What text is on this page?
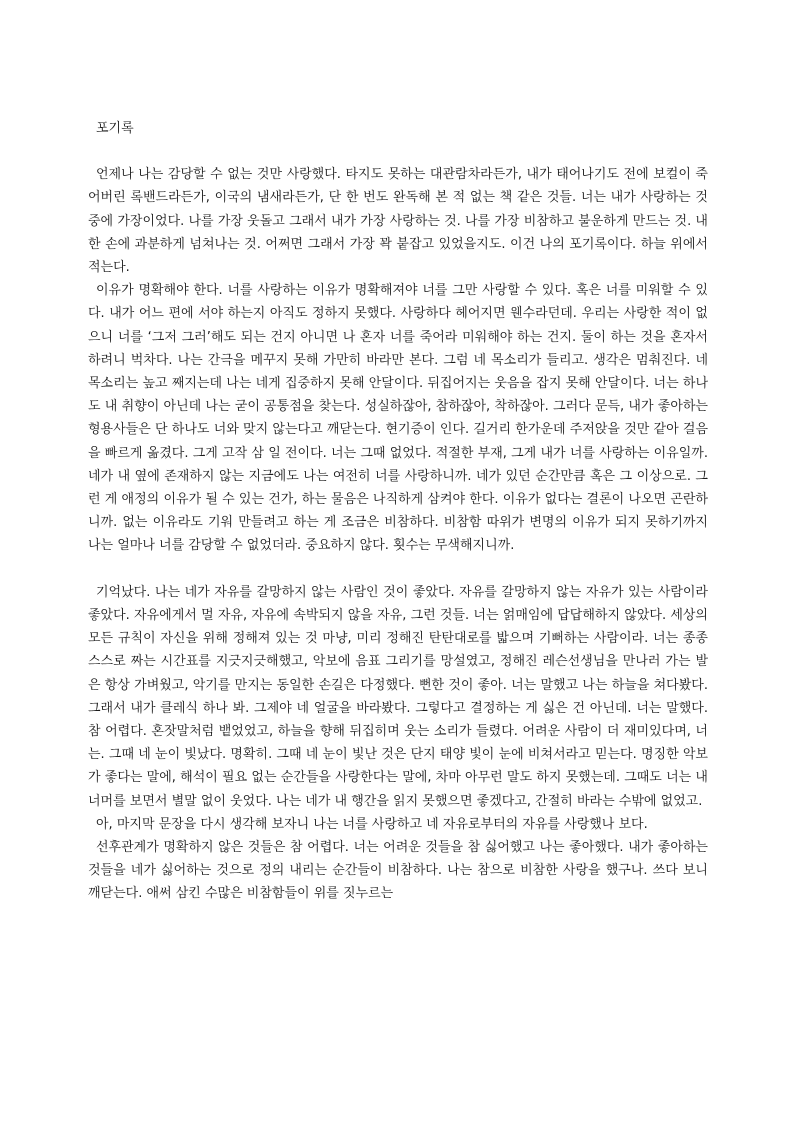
포기록

언제나 나는 감당할 수 없는 것만 사랑했다. 타지도 못하는 대관람차라든가, 내가 태어나기도 전에 보컬이 죽어버린 록밴드라든가, 이국의 냄새라든가, 단 한 번도 완독해 본 적 없는 책 같은 것들. 너는 내가 사랑하는 것 중에 가장이었다. 나를 가장 웃돌고 그래서 내가 가장 사랑하는 것. 나를 가장 비참하고 불운하게 만드는 것. 내 한 손에 과분하게 넘쳐나는 것. 어쩌면 그래서 가장 꽉 붙잡고 있었을지도. 이건 나의 포기록이다. 하늘 위에서 적는다.

이유가 명확해야 한다. 너를 사랑하는 이유가 명확해져야 너를 그만 사랑할 수 있다. 혹은 너를 미워할 수 있다. 내가 어느 편에 서야 하는지 아직도 정하지 못했다. 사랑하다 헤어지면 웬수라던데. 우리는 사랑한 적이 없으니 너를 ‘그저 그러’해도 되는 건지 아니면 나 혼자 너를 죽어라 미워해야 하는 건지. 둘이 하는 것을 혼자서 하려니 벅차다. 나는 간극을 메꾸지 못해 가만히 바라만 본다. 그럼 네 목소리가 들리고. 생각은 멈춰진다. 네 목소리는 높고 째지는데 나는 네게 집중하지 못해 안달이다. 뒤집어지는 웃음을 잡지 못해 안달이다. 너는 하나도 내 취향이 아닌데 나는 굳이 공통점을 찾는다. 성실하잖아, 참하잖아, 착하잖아. 그러다 문득, 내가 좋아하는 형용사들은 단 하나도 너와 맞지 않는다고 깨닫는다. 현기증이 인다. 길거리 한가운데 주저앉을 것만 같아 걸음을 빠르게 옮겼다. 그게 고작 삼 일 전이다. 너는 그때 없었다. 적절한 부재, 그게 내가 너를 사랑하는 이유일까. 네가 내 옆에 존재하지 않는 지금에도 나는 여전히 너를 사랑하니까. 네가 있던 순간만큼 혹은 그 이상으로. 그런 게 애정의 이유가 될 수 있는 건가, 하는 물음은 나직하게 삼켜야 한다. 이유가 없다는 결론이 나오면 곤란하니까. 없는 이유라도 기워 만들려고 하는 게 조금은 비참하다. 비참함 따위가 변명의 이유가 되지 못하기까지 나는 얼마나 너를 감당할 수 없었더라. 중요하지 않다. 횟수는 무색해지니까.

기억났다. 나는 네가 자유를 갈망하지 않는 사람인 것이 좋았다. 자유를 갈망하지 않는 자유가 있는 사람이라 좋았다. 자유에게서 멀 자유, 자유에 속박되지 않을 자유, 그런 것들. 너는 얽매임에 답답해하지 않았다. 세상의 모든 규칙이 자신을 위해 정해져 있는 것 마냥, 미리 정해진 탄탄대로를 밟으며 기뻐하는 사람이라. 너는 종종 스스로 짜는 시간표를 지긋지긋해했고, 악보에 음표 그리기를 망설였고, 정해진 레슨선생님을 만나러 가는 발은 항상 가벼웠고, 악기를 만지는 동일한 손길은 다정했다. 뻔한 것이 좋아. 너는 말했고 나는 하늘을 쳐다봤다. 그래서 내가 클레식 하나 봐. 그제야 네 얼굴을 바라봤다. 그렇다고 결정하는 게 싫은 건 아닌데. 너는 말했다. 참 어렵다. 혼잣말처럼 뱉었었고, 하늘을 향해 뒤집히며 웃는 소리가 들렸다. 어려운 사람이 더 재미있다며, 너는. 그때 네 눈이 빛났다. 명확히. 그때 네 눈이 빛난 것은 단지 태양 빛이 눈에 비쳐서라고 믿는다. 명징한 악보가 좋다는 말에, 해석이 필요 없는 순간들을 사랑한다는 말에, 차마 아무런 말도 하지 못했는데. 그때도 너는 내 너머를 보면서 별말 없이 웃었다. 나는 네가 내 행간을 읽지 못했으면 좋겠다고, 간절히 바라는 수밖에 없었고.

아, 마지막 문장을 다시 생각해 보자니 나는 너를 사랑하고 네 자유로부터의 자유를 사랑했나 보다.

선후관계가 명확하지 않은 것들은 참 어렵다. 너는 어려운 것들을 참 싫어했고 나는 좋아했다. 내가 좋아하는 것들을 네가 싫어하는 것으로 정의 내리는 순간들이 비참하다. 나는 참으로 비참한 사랑을 했구나. 쓰다 보니 깨닫는다. 애써 삼킨 수많은 비참함들이 위를 짓누르는
